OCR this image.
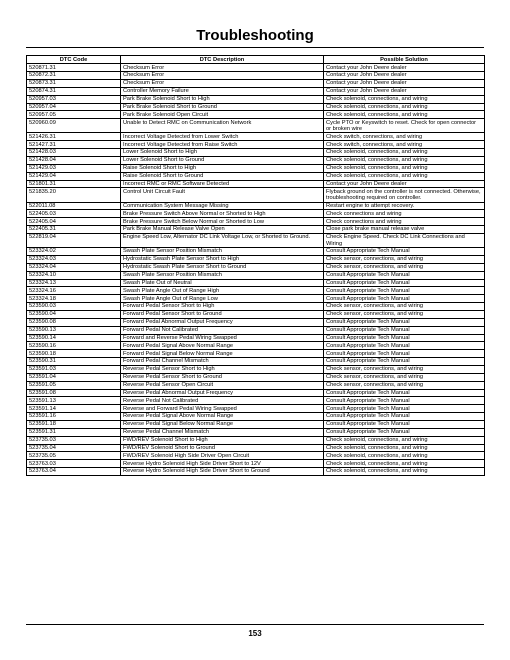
Troubleshooting
DTC Code	DTC Description	Possible Solution
520871.31	Checksum Error	Contact your John Deere dealer
520872.31	Checksum Error	Contact your John Deere dealer
520873.31	Checksum Error	Contact your John Deere dealer
520874.31	Controller Memory Failure	Contact your John Deere dealer
520957.03	Park Brake Solenoid Short to High	Check solenoid, connections, and wiring
520957.04	Park Brake Solenoid Short to Ground	Check solenoid, connections, and wiring
520957.05	Park Brake Solenoid Open Circuit	Check solenoid, connections, and wiring
520960.09	Unable to Detect RMC on Communication Network	Cycle PTO or Keyswitch to reset. Check for open connector or broken wire
521426.31	Incorrect Voltage Detected from Lower Switch	Check switch, connections, and wiring
521427.31	Incorrect Voltage Detected from Raise Switch	Check switch, connections, and wiring
521428.03	Lower Solenoid Short to High	Check solenoid, connections, and wiring
521428.04	Lower Solenoid Short to Ground	Check solenoid, connections, and wiring
521429.03	Raise Solenoid Short to High	Check solenoid, connections, and wiring
521429.04	Raise Solenoid Short to Ground	Check solenoid, connections, and wiring
521801.31	Incorrect RMC or RMC Software Detected	Contact your John Deere dealer
521835.20	Control Unit Circuit Fault	Flyback ground on the controller is not connected. Otherwise, troubleshooting required on controller.
522011.08	Communication System Message Missing	Restart engine to attempt recovery.
522405.03	Brake Pressure Switch Above Normal or Shorted to High	Check connections and wiring
522405.04	Brake Pressure Switch Below Normal or Shorted to Low	Check connections and wiring
522405.31	Park Brake Manual Release Valve Open	Close park brake manual release valve
522819.04	Engine Speed Low, Alternator DC Link Voltage Low, or Shorted to Ground.	Check Engine Speed. Check DC Link Connections and Wiring
523324.02	Swash Plate Sensor Position Mismatch	Consult Appropriate Tech Manual
523324.03	Hydrostatic Swash Plate Sensor Short to High	Check sensor, connections, and wiring
523324.04	Hydrostatic Swash Plate Sensor Short to Ground	Check sensor, connections, and wiring
523324.10	Swash Plate Sensor Position Mismatch	Consult Appropriate Tech Manual
523324.13	Swash Plate Out of Neutral	Consult Appropriate Tech Manual
523324.16	Swash Plate Angle Out of Range High	Consult Appropriate Tech Manual
523324.18	Swash Plate Angle Out of Range Low	Consult Appropriate Tech Manual
523590.03	Forward Pedal Sensor Short to High	Check sensor, connections, and wiring
523590.04	Forward Pedal Sensor Short to Ground	Check sensor, connections, and wiring
523590.08	Forward Pedal Abnormal Output Frequency	Consult Appropriate Tech Manual
523590.13	Forward Pedal Not Calibrated	Consult Appropriate Tech Manual
523590.14	Forward and Reverse Pedal Wiring Swapped	Consult Appropriate Tech Manual
523590.16	Forward Pedal Signal Above Normal Range	Consult Appropriate Tech Manual
523590.18	Forward Pedal Signal Below Normal Range	Consult Appropriate Tech Manual
523590.31	Forward Pedal Channel Mismatch	Consult Appropriate Tech Manual
523591.03	Reverse Pedal Sensor Short to High	Check sensor, connections, and wiring
523591.04	Reverse Pedal Sensor Short to Ground	Check sensor, connections, and wiring
523591.05	Reverse Pedal Sensor Open Circuit	Check sensor, connections, and wiring
523591.08	Reverse Pedal Abnormal Output Frequency	Consult Appropriate Tech Manual
523591.13	Reverse Pedal Not Calibrated	Consult Appropriate Tech Manual
523591.14	Reverse and Forward Pedal Wiring Swapped	Consult Appropriate Tech Manual
523591.16	Reverse Pedal Signal Above Normal Range	Consult Appropriate Tech Manual
523591.18	Reverse Pedal Signal Below Normal Range	Consult Appropriate Tech Manual
523591.31	Reverse Pedal Channel Mismatch	Consult Appropriate Tech Manual
523735.03	FWD/REV Solenoid Short to High	Check solenoid, connections, and wiring
523735.04	FWD/REV Solenoid Short to Ground	Check solenoid, connections, and wiring
523735.05	FWD/REV Solenoid High Side Driver Open Circuit	Check solenoid, connections, and wiring
523763.03	Reverse Hydro Solenoid High Side Driver Short to 12V	Check solenoid, connections, and wiring
523763.04	Reverse Hydro Solenoid High Side Driver Short to Ground	Check solenoid, connections, and wiring
153
